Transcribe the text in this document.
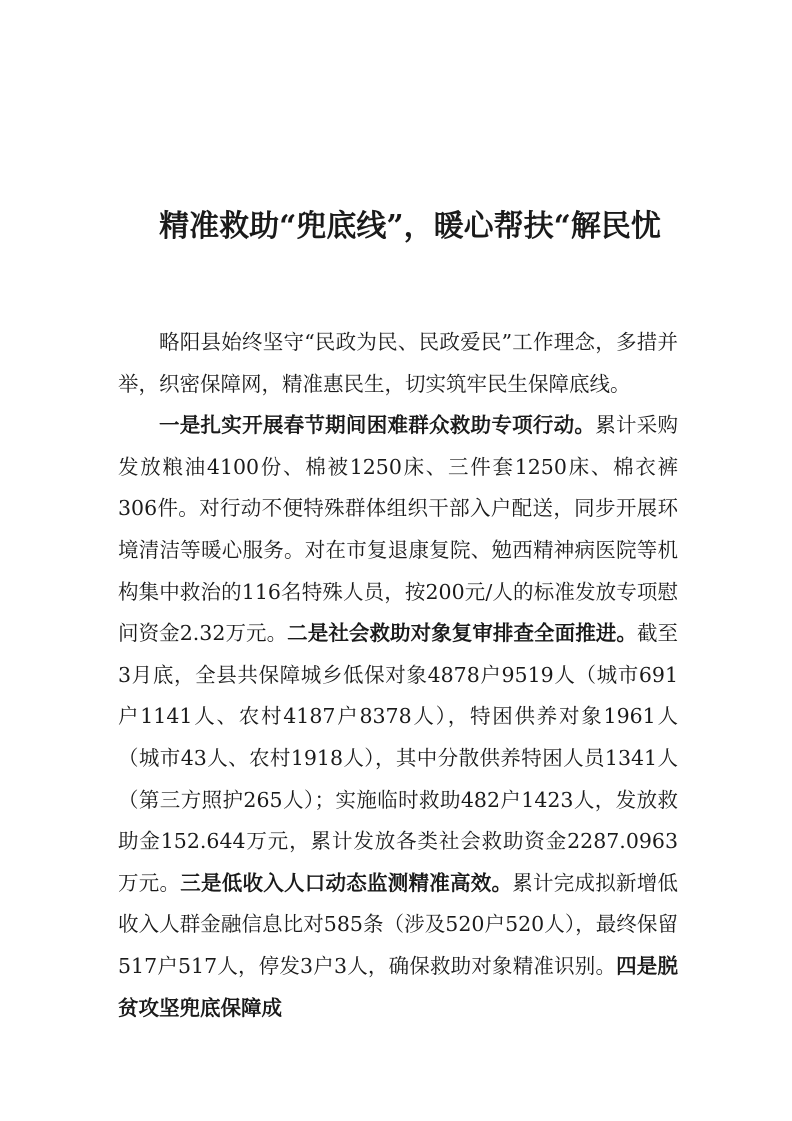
精准救助“兜底线”，暖心帮扶“解民忧

略阳县始终坚守“民政为民、民政爱民”工作理念，多措并举，织密保障网，精准惠民生，切实筑牢民生保障底线。

一是扎实开展春节期间困难群众救助专项行动。累计采购发放粮油4100份、棉被1250床、三件套1250床、棉衣裤306件。对行动不便特殊群体组织干部入户配送，同步开展环境清洁等暖心服务。对在市复退康复院、勉西精神病医院等机构集中救治的116名特殊人员，按200元/人的标准发放专项慰问资金2.32万元。二是社会救助对象复审排查全面推进。截至3月底，全县共保障城乡低保对象4878户9519人（城市691户1141人、农村4187户8378人），特困供养对象1961人（城市43人、农村1918人），其中分散供养特困人员1341人（第三方照护265人）；实施临时救助482户1423人，发放救助金152.644万元，累计发放各类社会救助资金2287.0963万元。三是低收入人口动态监测精准高效。累计完成拟新增低收入人群金融信息比对585条（涉及520户520人），最终保留517户517人，停发3户3人，确保救助对象精准识别。四是脱贫攻坚兜底保障成
